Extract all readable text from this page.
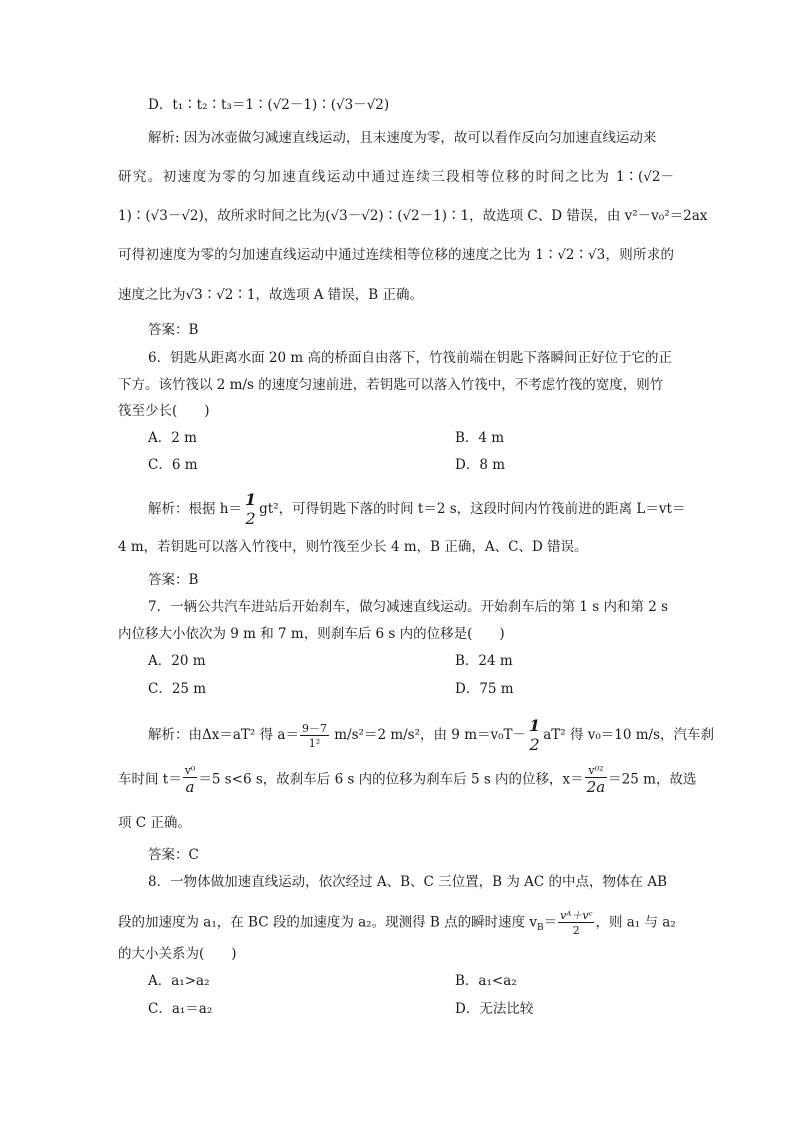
D．t₁∶t₂∶t₃＝1∶(√2－1)∶(√3－√2)
解析: 因为冰壶做匀减速直线运动，且末速度为零，故可以看作反向匀加速直线运动来
研究。初速度为零的匀加速直线运动中通过连续三段相等位移的时间之比为 1∶(√2－
1)∶(√3－√2)，故所求时间之比为(√3－√2)∶(√2－1)∶1，故选项 C、D 错误，由 v²－v₀²＝2ax
可得初速度为零的匀加速直线运动中通过连续相等位移的速度之比为 1∶√2∶√3，则所求的
速度之比为√3∶√2∶1，故选项 A 错误，B 正确。
答案：B
6．钥匙从距离水面 20 m 高的桥面自由落下，竹筏前端在钥匙下落瞬间正好位于它的正
下方。该竹筏以 2 m/s 的速度匀速前进，若钥匙可以落入竹筏中，不考虑竹筏的宽度，则竹
筏至少长(　　)
A．2 m	B．4 m
C．6 m	D．8 m
解析：根据 h＝ 1
2 gt²，可得钥匙下落的时间 t＝2 s，这段时间内竹筏前进的距离 L＝vt＝
4 m，若钥匙可以落入竹筏中，则竹筏至少长 4 m，B 正确，A、C、D 错误。
答案：B
7．一辆公共汽车进站后开始刹车，做匀减速直线运动。开始刹车后的第 1 s 内和第 2 s
内位移大小依次为 9 m 和 7 m，则刹车后 6 s 内的位移是(　　)
A．20 m	B．24 m
C．25 m	D．75 m
解析：由Δx＝aT² 得 $a= \frac{9-7}{\text{1²}} m/s^2=2$ m/s²，由 9 m＝v₀T－ 1
2 aT² 得 v₀＝10 m/s，汽车刹
车时间 $t= \frac{\text{v⁰}}{a} =5$ s<6 s，故刹车后 6 s 内的位移为刹车后 5 s 内的位移，$x= \frac{\text{v⁰²}}{2a} =25$ m，故选
项 C 正确。
答案：C
8．一物体做加速直线运动，依次经过 A、B、C 三位置，B 为 AC 的中点，物体在 AB
段的加速度为 a₁，在 BC 段的加速度为 a₂。现测得 B 点的瞬时速度 $v_B= \frac{\text{vᴬ＋vᶜ}}{2}$ ，则 a₁ 与 a₂
的大小关系为(　　)
A．a₁>a₂	B．a₁<a₂
C．a₁＝a₂	D．无法比较
